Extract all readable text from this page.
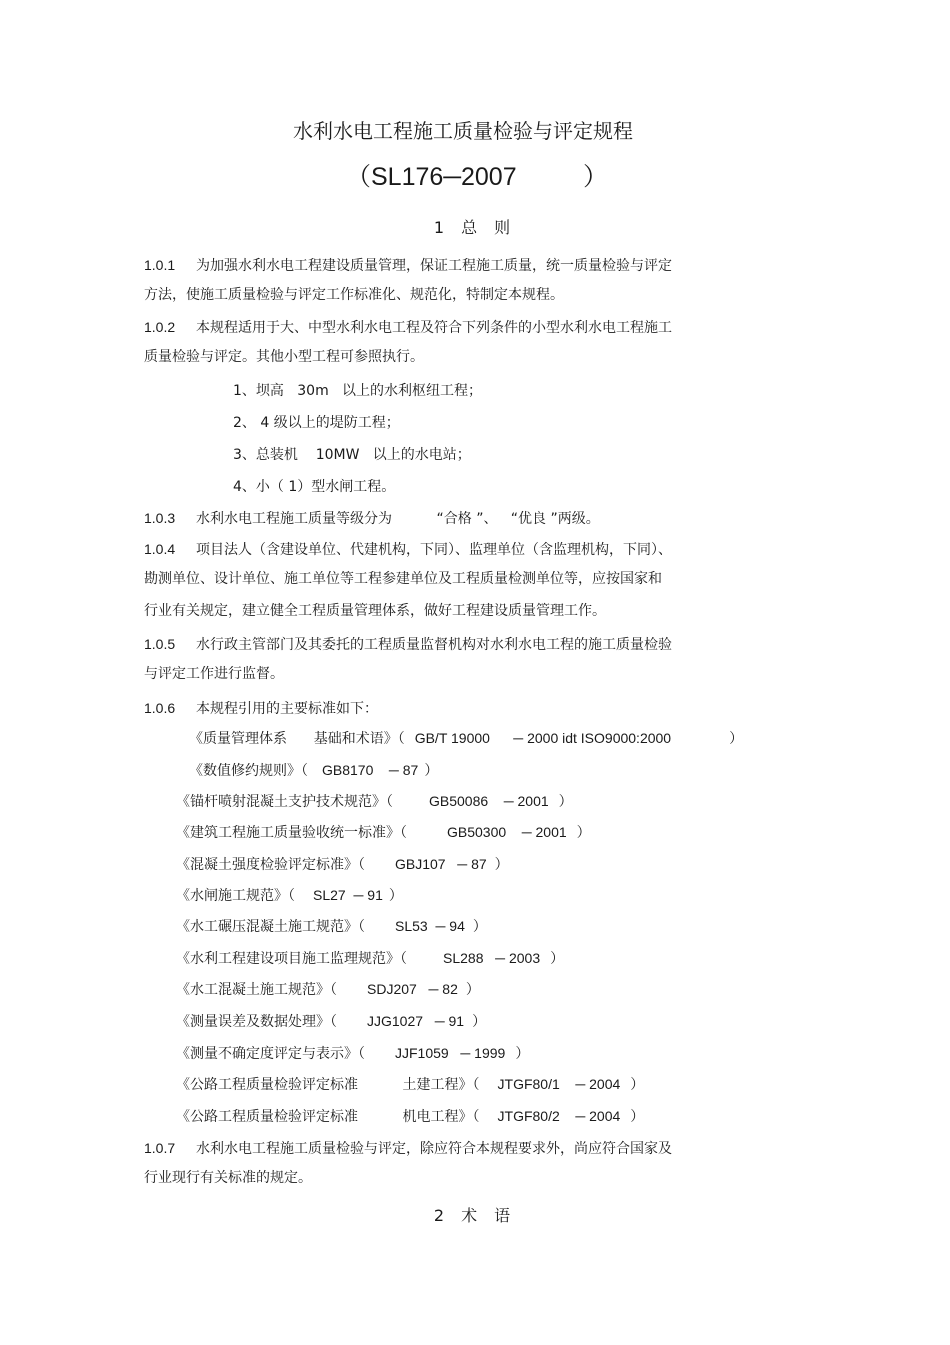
水利水电工程施工质量检验与评定规程
（SL176─2007	）
1 总 则
1.0.1 为加强水利水电工程建设质量管理，保证工程施工质量，统一质量检验与评定
方法，使施工质量检验与评定工作标准化、规范化，特制定本规程。
1.0.2 本规程适用于大、中型水利水电工程及符合下列条件的小型水利水电工程施工
质量检验与评定。其他小型工程可参照执行。
1、坝高   30m   以上的水利枢纽工程；
2、 4 级以上的堤防工程；
3、总装机    10MW   以上的水电站；
4、小（ 1）型水闸工程。
1.0.3 水利水电工程施工质量等级分为          “合格 ”、   “优良 ”两级。
1.0.4 项目法人（含建设单位、代建机构，下同）、监理单位（含监理机构，下同）、
勘测单位、设计单位、施工单位等工程参建单位及工程质量检测单位等，应按国家和
行业有关规定，建立健全工程质量管理体系，做好工程建设质量管理工作。
1.0.5 水行政主管部门及其委托的工程质量监督机构对水利水电工程的施工质量检验
与评定工作进行监督。
1.0.6 本规程引用的主要标准如下：
《质量管理体系      基础和术语》（ GB/T 19000      ─ 2000 idt ISO9000:2000	）
《数值修约规则》（ GB8170    ─ 87 ）
《锚杆喷射混凝土支护技术规范》（	GB50086    ─ 2001 ）
《建筑工程施工质量验收统一标准》（	GB50300    ─ 2001 ）
《混凝土强度检验评定标准》（ GBJ107   ─ 87 ）
《水闸施工规范》（ SL27  ─ 91 ）
《水工碾压混凝土施工规范》（ SL53  ─ 94 ）
《水利工程建设项目施工监理规范》（	SL288   ─ 2003 ）
《水工混凝土施工规范》（ SDJ207   ─ 82 ）
《测量误差及数据处理》（ JJG1027   ─ 91 ）
《测量不确定度评定与表示》（ JJF1059   ─ 1999 ）
《公路工程质量检验评定标准          土建工程》（ JTGF80/1    ─ 2004 ）
《公路工程质量检验评定标准          机电工程》（ JTGF80/2    ─ 2004 ）
1.0.7 水利水电工程施工质量检验与评定，除应符合本规程要求外，尚应符合国家及
行业现行有关标准的规定。
2 术 语
